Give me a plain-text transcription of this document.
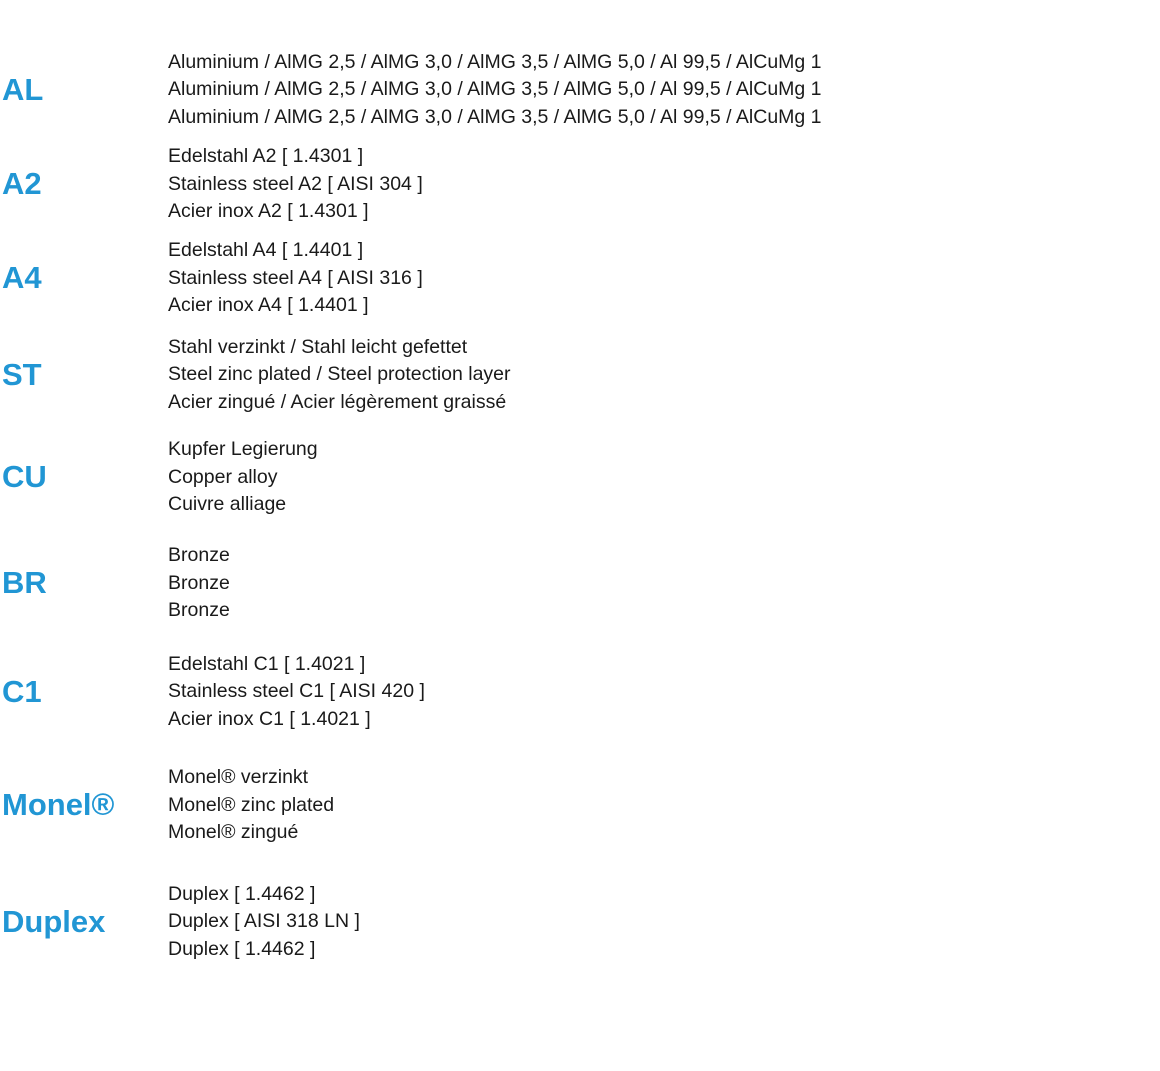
AL
Aluminium / AlMG 2,5 / AlMG 3,0 / AlMG 3,5 / AlMG 5,0 / Al 99,5 / AlCuMg 1
Aluminium / AlMG 2,5 / AlMG 3,0 / AlMG 3,5 / AlMG 5,0 / Al 99,5 / AlCuMg 1
Aluminium / AlMG 2,5 / AlMG 3,0 / AlMG 3,5 / AlMG 5,0 / Al 99,5 / AlCuMg 1
A2
Edelstahl A2 [ 1.4301 ]
Stainless steel A2 [ AISI 304 ]
Acier inox A2 [ 1.4301 ]
A4
Edelstahl A4 [ 1.4401 ]
Stainless steel A4 [ AISI 316 ]
Acier inox A4 [ 1.4401 ]
ST
Stahl verzinkt / Stahl leicht gefettet
Steel zinc plated / Steel protection layer
Acier zingué / Acier légèrement graissé
CU
Kupfer Legierung
Copper alloy
Cuivre alliage
BR
Bronze
Bronze
Bronze
C1
Edelstahl C1 [ 1.4021 ]
Stainless steel C1 [ AISI 420 ]
Acier inox C1 [ 1.4021 ]
Monel®
Monel® verzinkt
Monel® zinc plated
Monel® zingué
Duplex
Duplex [ 1.4462 ]
Duplex [ AISI 318 LN ]
Duplex [ 1.4462 ]
